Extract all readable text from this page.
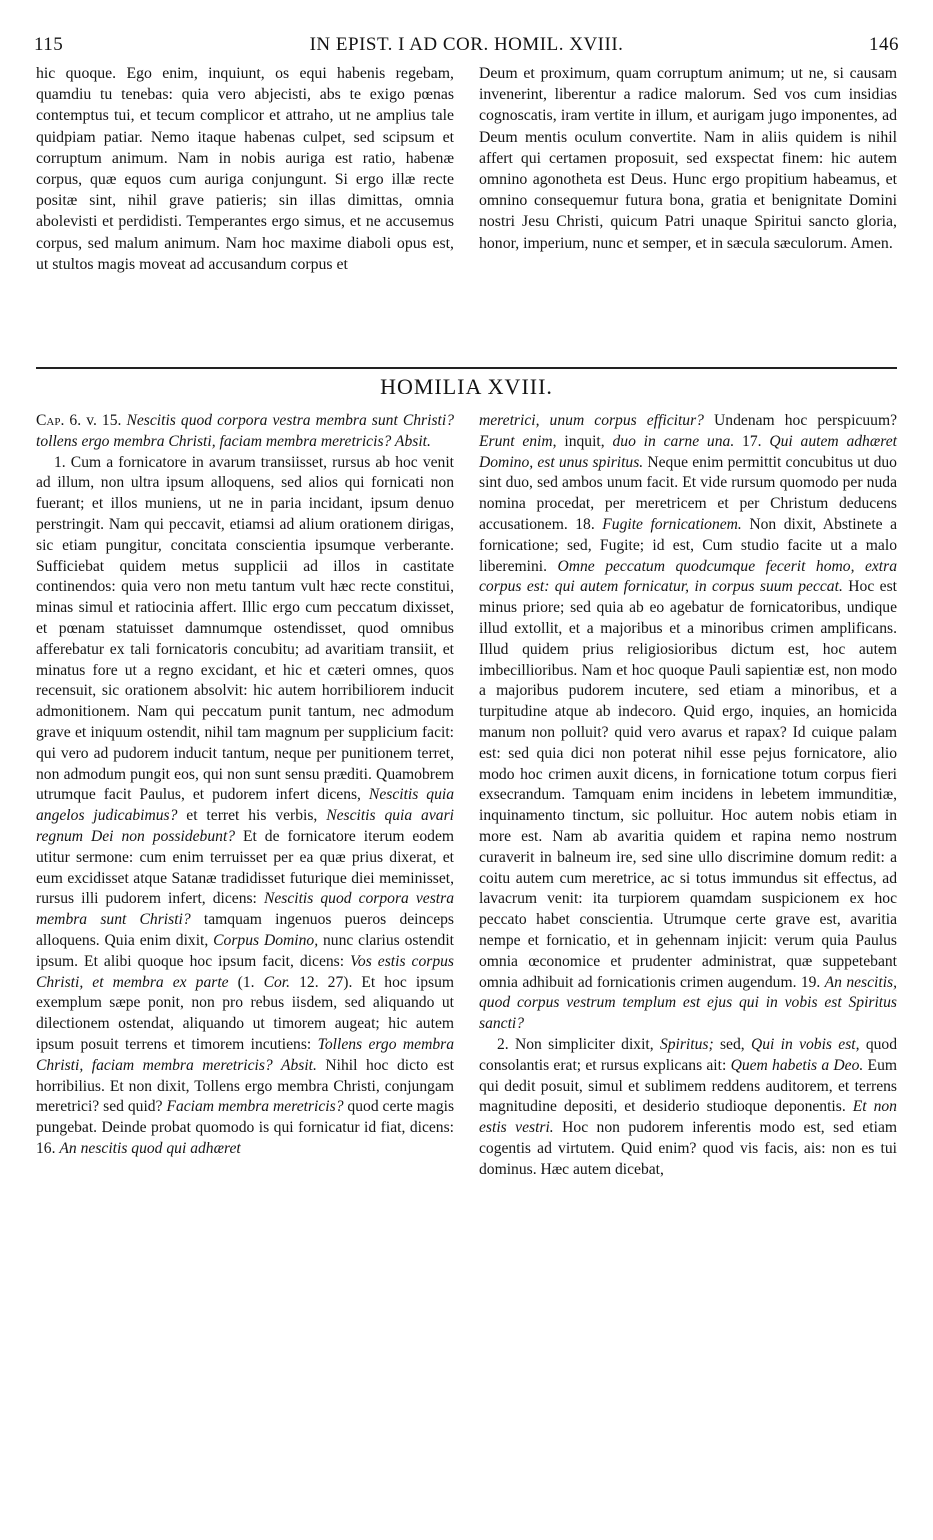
115	IN EPIST. I AD COR. HOMIL. XVIII.	146

hic quoque. Ego enim, inquiunt, os equi habenis regebam, quamdiu tu tenebas: quia vero abjecisti, abs te exigo pœnas contemptus tui, et tecum complicor et attraho, ut ne amplius tale quidpiam patiar. Nemo itaque habenas culpet, sed scipsum et corruptum animum. Nam in nobis auriga est ratio, habenæ corpus, quæ equos cum auriga conjungunt. Si ergo illæ recte positæ sint, nihil grave patieris; sin illas dimittas, omnia abolevisti et perdidisti. Temperantes ergo simus, et ne accusemus corpus, sed malum animum. Nam hoc maxime diaboli opus est, ut stultos magis moveat ad accusandum corpus et

Deum et proximum, quam corruptum animum; ut ne, si causam invenerint, liberentur a radice malorum. Sed vos cum insidias cognoscatis, iram vertite in illum, et aurigam jugo imponentes, ad Deum mentis oculum convertite. Nam in aliis quidem is nihil affert qui certamen proposuit, sed exspectat finem: hic autem omnino agonotheta est Deus. Hunc ergo propitium habeamus, et omnino consequemur futura bona, gratia et benignitate Domini nostri Jesu Christi, quicum Patri unaque Spiritui sancto gloria, honor, imperium, nunc et semper, et in sæcula sæculorum. Amen.

HOMILIA XVIII.

Cap. 6. v. 15. Nescitis quod corpora vestra membra sunt Christi? tollens ergo membra Christi, faciam membra meretricis? Absit.

1. Cum a fornicatore in avarum transiisset, rursus ab hoc venit ad illum, non ultra ipsum alloquens, sed alios qui fornicati non fuerant; et illos muniens, ut ne in paria incidant, ipsum denuo perstringit. Nam qui peccavit, etiamsi ad alium orationem dirigas, sic etiam pungitur, concitata conscientia ipsumque verberante. Sufficiebat quidem metus supplicii ad illos in castitate continendos: quia vero non metu tantum vult hæc recte constitui, minas simul et ratiocinia affert. Illic ergo cum peccatum dixisset, et pœnam statuisset damnumque ostendisset, quod omnibus afferebatur ex tali fornicatoris concubitu; ad avaritiam transiit, et minatus fore ut a regno excidant, et hic et cæteri omnes, quos recensuit, sic orationem absolvit: hic autem horribiliorem inducit admonitionem. Nam qui peccatum punit tantum, nec admodum grave et iniquum ostendit, nihil tam magnum per supplicium facit: qui vero ad pudorem inducit tantum, neque per punitionem terret, non admodum pungit eos, qui non sunt sensu præditi. Quamobrem utrumque facit Paulus, et pudorem infert dicens, Nescitis quia angelos judicabimus? et terret his verbis, Nescitis quia avari regnum Dei non possidebunt? Et de fornicatore iterum eodem utitur sermone: cum enim terruisset per ea quæ prius dixerat, et eum excidisset atque Satanæ tradidisset futurique diei meminisset, rursus illi pudorem infert, dicens: Nescitis quod corpora vestra membra sunt Christi? tamquam ingenuos pueros deinceps alloquens. Quia enim dixit, Corpus Domino, nunc clarius ostendit ipsum. Et alibi quoque hoc ipsum facit, dicens: Vos estis corpus Christi, et membra ex parte (1. Cor. 12. 27). Et hoc ipsum exemplum sæpe ponit, non pro rebus iisdem, sed aliquando ut dilectionem ostendat, aliquando ut timorem augeat; hic autem ipsum posuit terrens et timorem incutiens: Tollens ergo membra Christi, faciam membra meretricis? Absit. Nihil hoc dicto est horribilius. Et non dixit, Tollens ergo membra Christi, conjungam meretrici? sed quid? Faciam membra meretricis? quod certe magis pungebat. Deinde probat quomodo is qui fornicatur id fiat, dicens: 16. An nescitis quod qui adhæret

meretrici, unum corpus efficitur? Undenam hoc perspicuum? Erunt enim, inquit, duo in carne una. 17. Qui autem adhæret Domino, est unus spiritus. Neque enim permittit concubitus ut duo sint duo, sed ambos unum facit. Et vide rursum quomodo per nuda nomina procedat, per meretricem et per Christum deducens accusationem. 18. Fugite fornicationem. Non dixit, Abstinete a fornicatione; sed, Fugite; id est, Cum studio facite ut a malo liberemini. Omne peccatum quodcumque fecerit homo, extra corpus est: qui autem fornicatur, in corpus suum peccat. Hoc est minus priore; sed quia ab eo agebatur de fornicatoribus, undique illud extollit, et a majoribus et a minoribus crimen amplificans. Illud quidem prius religiosioribus dictum est, hoc autem imbecillioribus. Nam et hoc quoque Pauli sapientiæ est, non modo a majoribus pudorem incutere, sed etiam a minoribus, et a turpitudine atque ab indecoro. Quid ergo, inquies, an homicida manum non polluit? quid vero avarus et rapax? Id cuique palam est: sed quia dici non poterat nihil esse pejus fornicatore, alio modo hoc crimen auxit dicens, in fornicatione totum corpus fieri exsecrandum. Tamquam enim incidens in lebetem immunditiæ, inquinamento tinctum, sic polluitur. Hoc autem nobis etiam in more est. Nam ab avaritia quidem et rapina nemo nostrum curaverit in balneum ire, sed sine ullo discrimine domum redit: a coitu autem cum meretrice, ac si totus immundus sit effectus, ad lavacrum venit: ita turpiorem quamdam suspicionem ex hoc peccato habet conscientia. Utrumque certe grave est, avaritia nempe et fornicatio, et in gehennam injicit: verum quia Paulus omnia œconomice et prudenter administrat, quæ suppetebant omnia adhibuit ad fornicationis crimen augendum. 19. An nescitis, quod corpus vestrum templum est ejus qui in vobis est Spiritus sancti?

2. Non simpliciter dixit, Spiritus; sed, Qui in vobis est, quod consolantis erat; et rursus explicans ait: Quem habetis a Deo. Eum qui dedit posuit, simul et sublimem reddens auditorem, et terrens magnitudine depositi, et desiderio studioque deponentis. Et non estis vestri. Hoc non pudorem inferentis modo est, sed etiam cogentis ad virtutem. Quid enim? quod vis facis, ais: non es tui dominus. Hæc autem dicebat,
